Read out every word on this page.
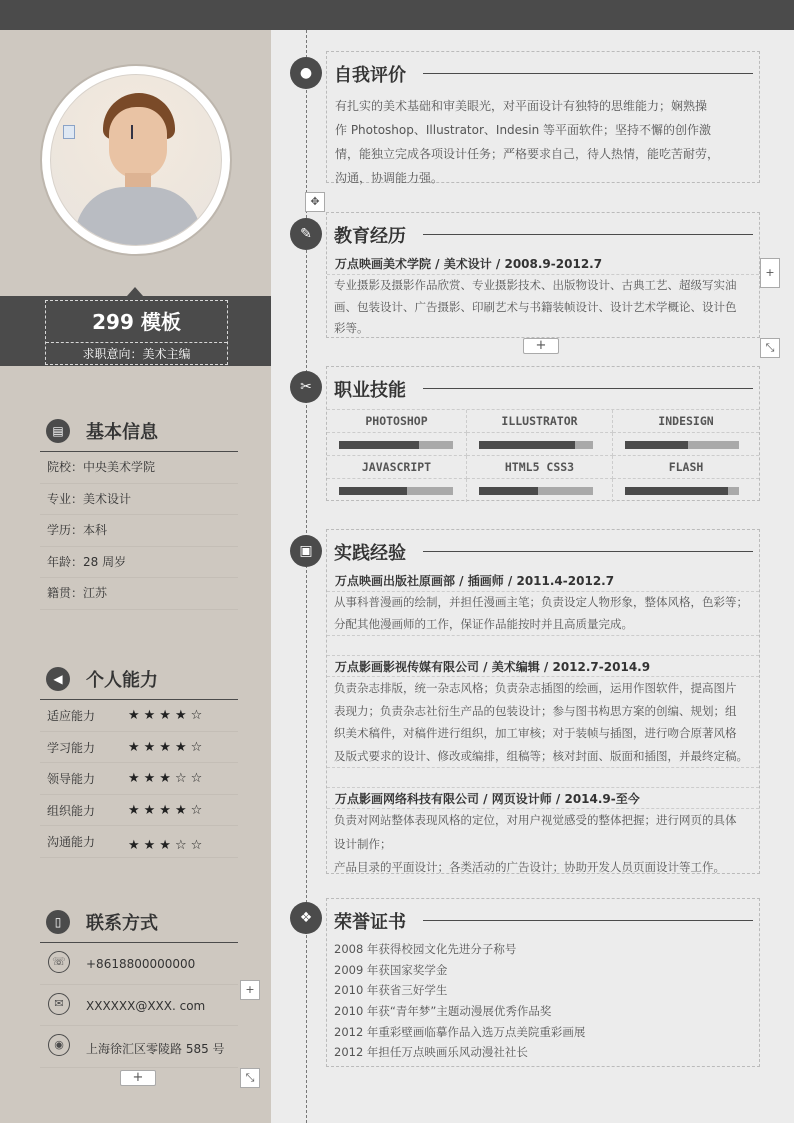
299 模板
求职意向：美术主编
▤	基本信息
院校：中央美术学院
专业：美术设计
学历：本科
年龄：28 周岁
籍贯：江苏
◀	个人能力
适应能力	★★★★☆
学习能力	★★★★☆
领导能力	★★★☆☆
组织能力	★★★★☆
沟通能力	★★★☆☆
▯	联系方式
☏	+8618800000000
✉	XXXXXX@XXX. com
◉	上海徐汇区零陵路 585 号
+
+	⤡
●
✎
✂
▣
❖
✥
自我评价
有扎实的美术基础和审美眼光，对平面设计有独特的思维能力；娴熟操
作 Photoshop、Illustrator、Indesin 等平面软件；坚持不懈的创作激
情，能独立完成各项设计任务；严格要求自己，待人热情，能吃苦耐劳，
沟通，协调能力强。
教育经历
万点映画美术学院 / 美术设计 / 2008.9-2012.7
专业摄影及摄影作品欣赏、专业摄影技术、出版物设计、古典工艺、超级写实油
画、包装设计、广告摄影、印刷艺术与书籍装帧设计、设计艺术学概论、设计色
彩等。
+
+	⤡
职业技能
PHOTOSHOP	ILLUSTRATOR	INDESIGN
JAVASCRIPT	HTML5 CSS3	FLASH
实践经验
万点映画出版社原画部 / 插画师 / 2011.4-2012.7
从事科普漫画的绘制，并担任漫画主笔；负责设定人物形象，整体风格，色彩等；
分配其他漫画师的工作，保证作品能按时并且高质量完成。
万点影画影视传媒有限公司 / 美术编辑 / 2012.7-2014.9
负责杂志排版，统一杂志风格；负责杂志插图的绘画，运用作图软件，提高图片
表现力；负责杂志社衍生产品的包装设计；参与图书构思方案的创编、规划；组
织美术稿件，对稿件进行组织，加工审核；对于装帧与插图，进行吻合原著风格
及版式要求的设计、修改或编排，组稿等；核对封面、版面和插图，并最终定稿。
万点影画网络科技有限公司 / 网页设计师 / 2014.9-至今
负责对网站整体表现风格的定位，对用户视觉感受的整体把握；进行网页的具体
设计制作；
产品目录的平面设计；各类活动的广告设计；协助开发人员页面设计等工作。
荣誉证书
2008 年获得校园文化先进分子称号
2009 年获国家奖学金
2010 年获省三好学生
2010 年获“青年梦”主题动漫展优秀作品奖
2012 年重彩壁画临摹作品入选万点美院重彩画展
2012 年担任万点映画乐风动漫社社长
